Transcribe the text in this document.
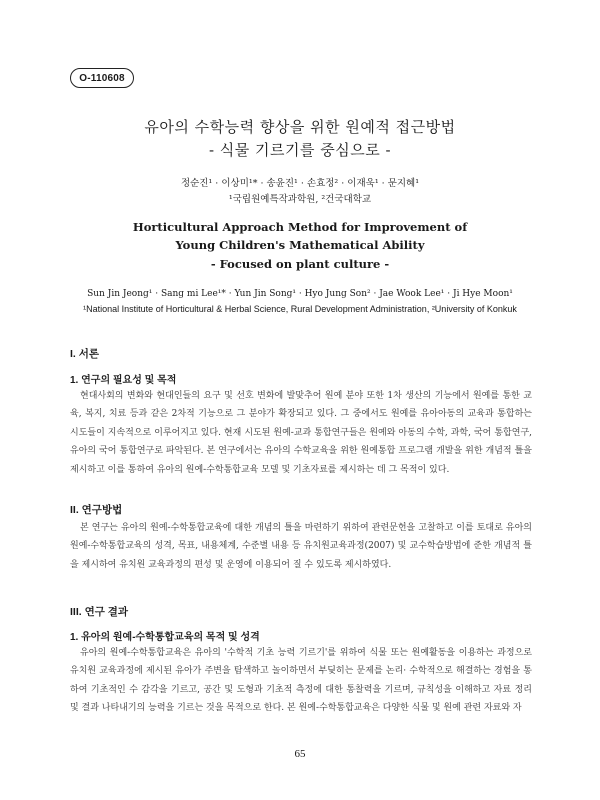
O-110608
유아의 수학능력 향상을 위한 원예적 접근방법
- 식물 기르기를 중심으로 -
정순진¹ · 이상미¹* · 송윤진¹ · 손효정² · 이재욱¹ · 문지혜¹
¹국립원예특작과학원, ²건국대학교
Horticultural Approach Method for Improvement of
Young Children's Mathematical Ability
- Focused on plant culture -
Sun Jin Jeong¹ · Sang mi Lee¹* · Yun Jin Song¹ · Hyo Jung Son² · Jae Wook Lee¹ · Ji Hye Moon¹
¹National Institute of Horticultural & Herbal Science, Rural Development Administration, ²University of Konkuk
I. 서론
1. 연구의 필요성 및 목적

현대사회의 변화와 현대인들의 요구 및 선호 변화에 발맞추어 원예 분야 또한 1차 생산의 기능에서 원예를 통한 교육, 복지, 치료 등과 같은 2차적 기능으로 그 분야가 확장되고 있다. 그 중에서도 원예를 유아아동의 교육과 통합하는 시도들이 지속적으로 이루어지고 있다. 현재 시도된 원예-교과 통합연구들은 원예와 아동의 수학, 과학, 국어 통합연구, 유아의 국어 통합연구로 파악된다. 본 연구에서는 유아의 수학교육을 위한 원예통합 프로그램 개발을 위한 개념적 틀을 제시하고 이를 통하여 유아의 원예-수학통합교육 모델 및 기초자료를 제시하는 데 그 목적이 있다.

II. 연구방법

본 연구는 유아의 원예-수학통합교육에 대한 개념의 틀을 마련하기 위하여 관련문헌을 고찰하고 이를 토대로 유아의 원예-수학통합교육의 성격, 목표, 내용체계, 수준별 내용 등 유치원교육과정(2007) 및 교수학습방법에 준한 개념적 틀을 제시하여 유치원 교육과정의 편성 및 운영에 이용되어 질 수 있도록 제시하였다.

III. 연구 결과
1. 유아의 원예-수학통합교육의 목적 및 성격

유아의 원예-수학통합교육은 유아의 '수학적 기초 능력 기르기'를 위하여 식물 또는 원예활동을 이용하는 과정으로 유치원 교육과정에 제시된 유아가 주변을 탐색하고 놀이하면서 부딪히는 문제를 논리· 수학적으로 해결하는 경험을 통하여 기초적인 수 감각을 기르고, 공간 및 도형과 기초적 측정에 대한 통찰력을 기르며, 규칙성을 이해하고 자료 정리 및 결과 나타내기의 능력을 기르는 것을 목적으로 한다. 본 원예-수학통합교육은 다양한 식물 및 원예 관련 자료와 자

65
